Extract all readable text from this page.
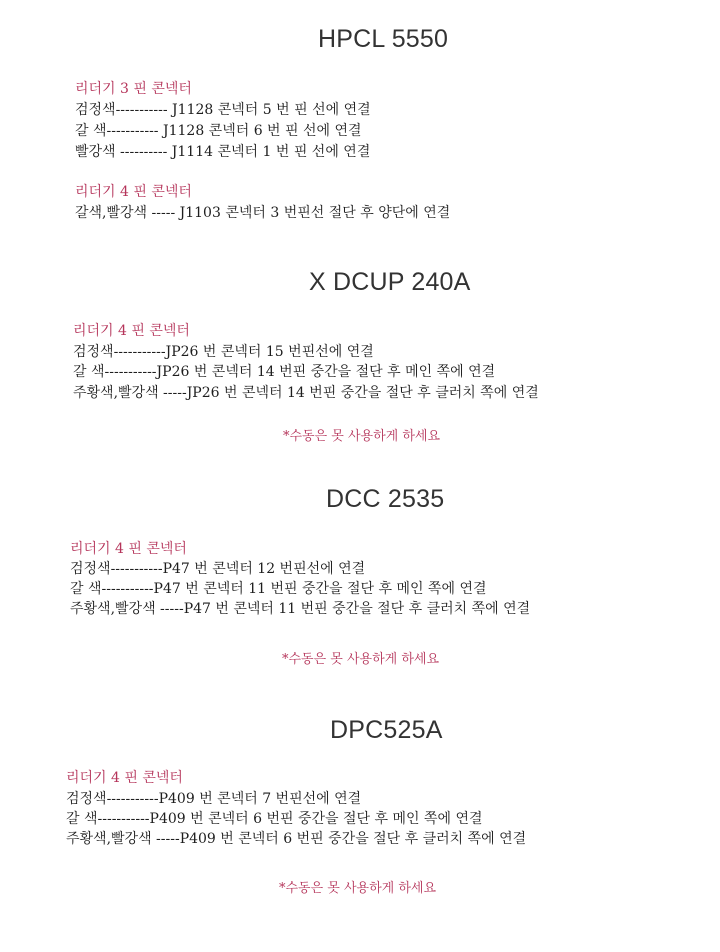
HPCL 5550
리더기 3 핀 콘넥터
검정색----------- J1128 콘넥터 5 번 핀 선에 연결
갈 색----------- J1128 콘넥터 6 번 핀 선에 연결
빨강색 ---------- J1114 콘넥터 1 번 핀 선에 연결
리더기 4 핀 콘넥터
갈색,빨강색 ----- J1103 콘넥터 3 번핀선 절단 후 양단에 연결
X DCUP 240A
리더기 4 핀 콘넥터
검정색-----------JP26 번 콘넥터 15 번핀선에 연결
갈 색-----------JP26 번 콘넥터 14 번핀 중간을 절단 후 메인 쪽에 연결
주황색,빨강색 -----JP26 번 콘넥터 14 번핀 중간을 절단 후 클러치 쪽에 연결
*수동은 못 사용하게 하세요
DCC 2535
리더기 4 핀 콘넥터
검정색-----------P47 번 콘넥터 12 번핀선에 연결
갈 색-----------P47 번 콘넥터 11 번핀 중간을 절단 후 메인 쪽에 연결
주황색,빨강색 -----P47 번 콘넥터 11 번핀 중간을 절단 후 클러치 쪽에 연결
*수동은 못 사용하게 하세요
DPC525A
리더기 4 핀 콘넥터
검정색-----------P409 번 콘넥터 7 번핀선에 연결
갈 색-----------P409 번 콘넥터 6 번핀 중간을 절단 후 메인 쪽에 연결
주황색,빨강색 -----P409 번 콘넥터 6 번핀 중간을 절단 후 클러치 쪽에 연결
*수동은 못 사용하게 하세요
